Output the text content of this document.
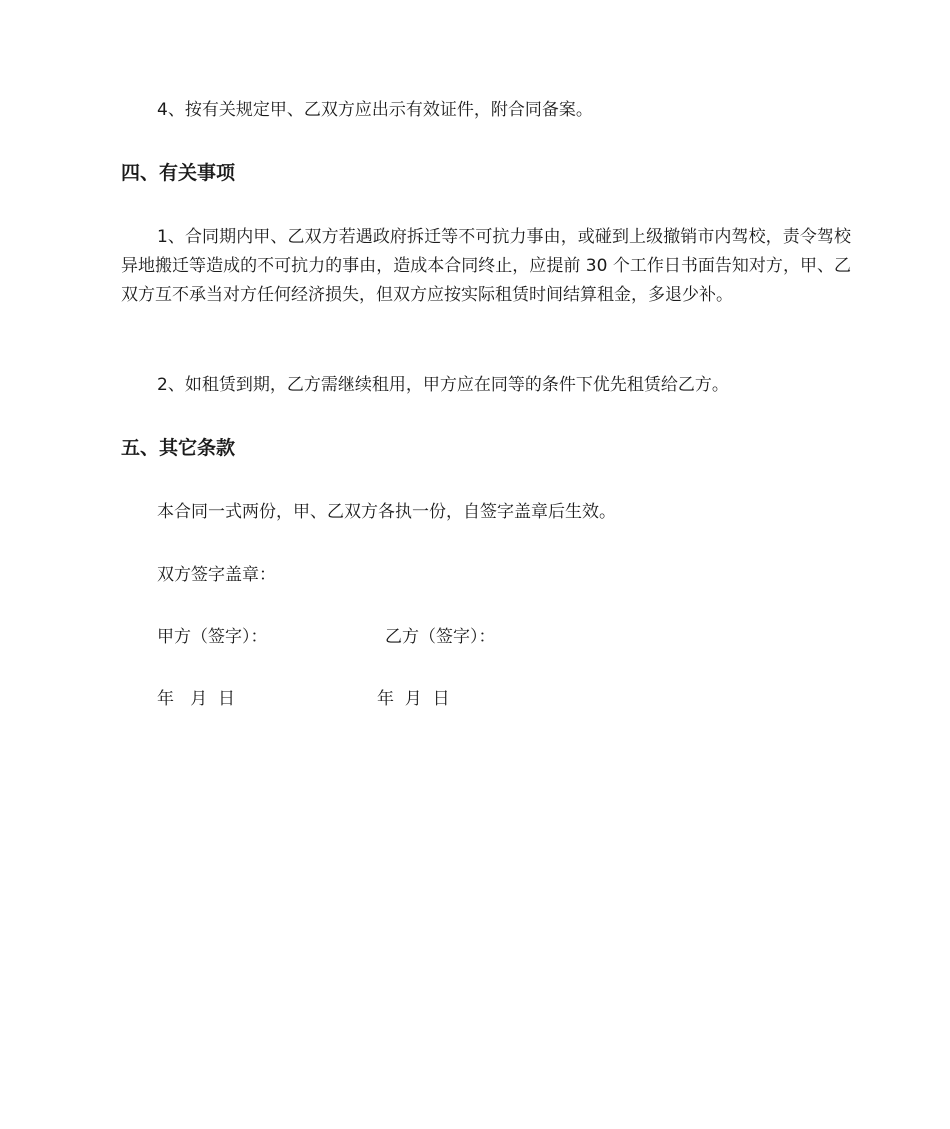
4、按有关规定甲、乙双方应出示有效证件，附合同备案。
四、有关事项
1、合同期内甲、乙双方若遇政府拆迁等不可抗力事由，或碰到上级撤销市内驾校，责令驾校异地搬迁等造成的不可抗力的事由，造成本合同终止，应提前 30 个工作日书面告知对方，甲、乙双方互不承当对方任何经济损失，但双方应按实际租赁时间结算租金，多退少补。
2、如租赁到期，乙方需继续租用，甲方应在同等的条件下优先租赁给乙方。
五、其它条款
本合同一式两份，甲、乙双方各执一份，自签字盖章后生效。
双方签字盖章：
甲方（签字）：	乙方（签字）：
年   月  日	年  月  日
